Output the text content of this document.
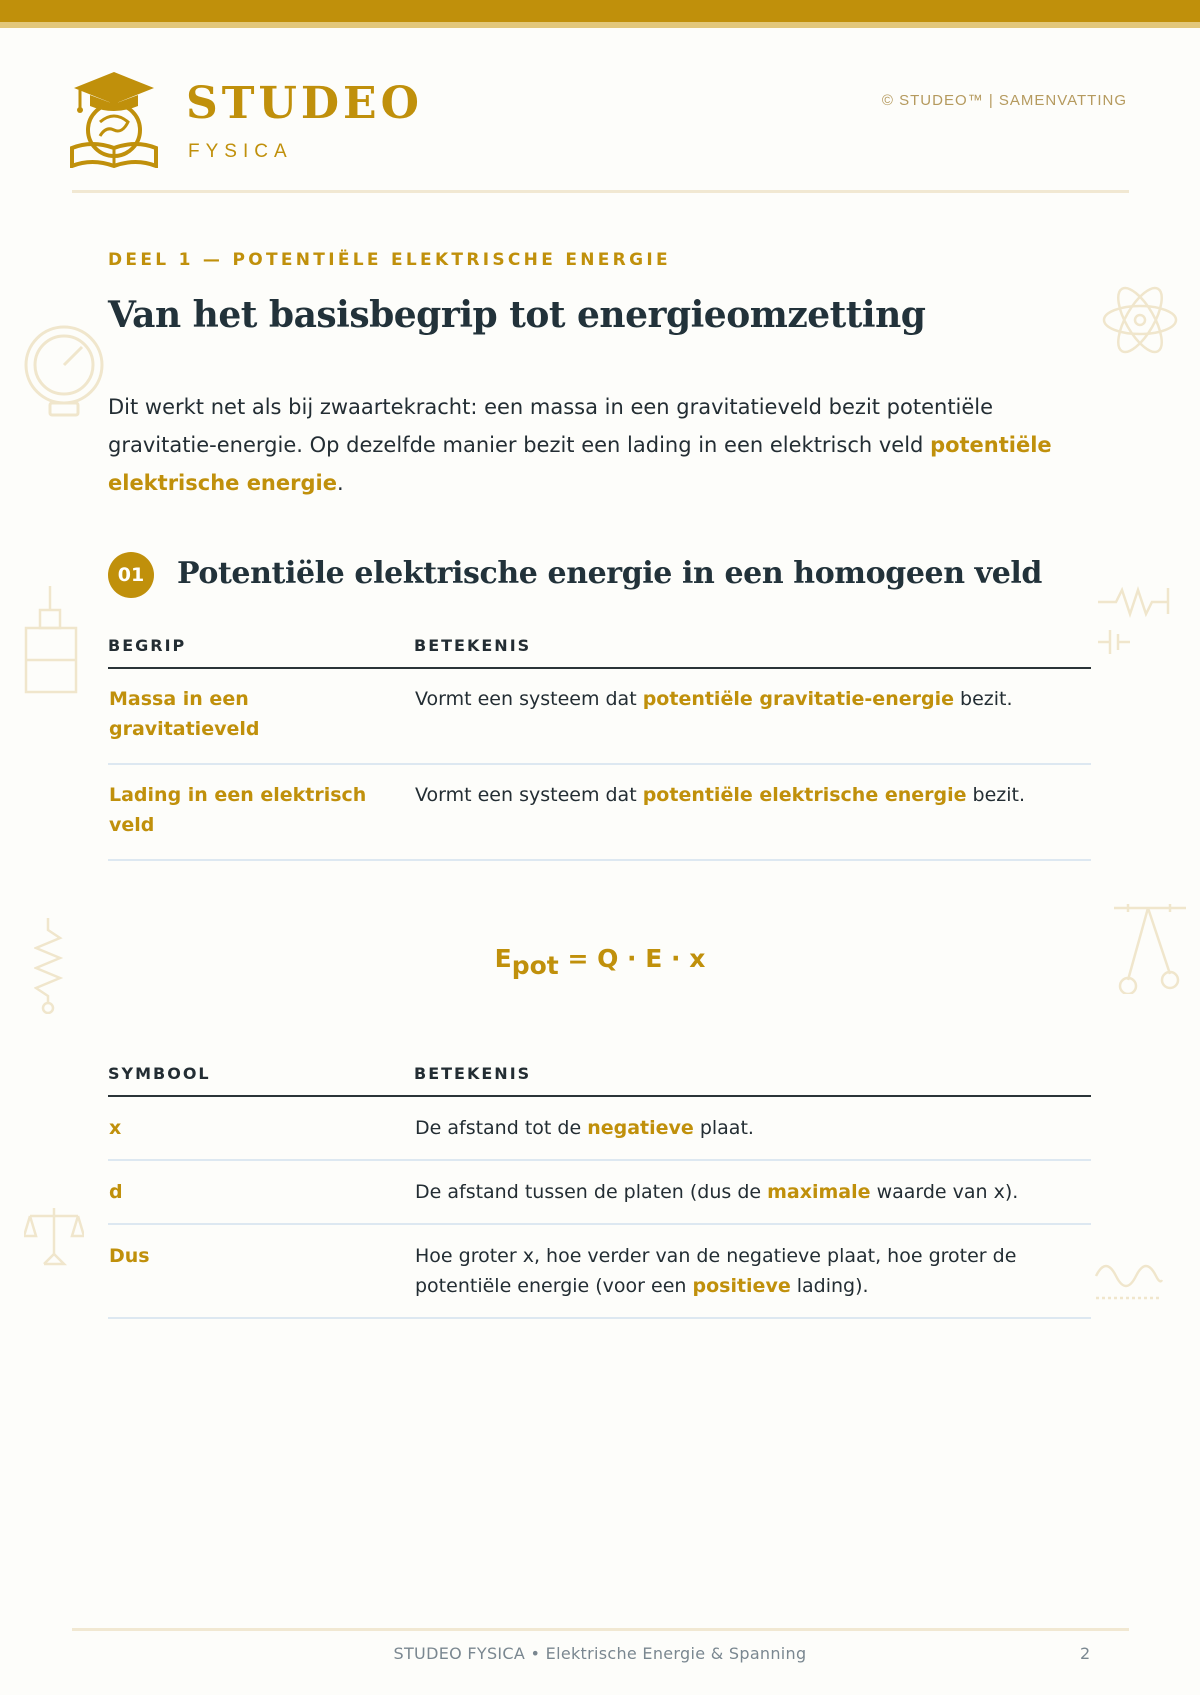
STUDEO
FYSICA
© STUDEO™ | SAMENVATTING
DEEL 1 — POTENTIËLE ELEKTRISCHE ENERGIE
Van het basisbegrip tot energieomzetting
Dit werkt net als bij zwaartekracht: een massa in een gravitatieveld bezit potentiële gravitatie-energie. Op dezelfde manier bezit een lading in een elektrisch veld potentiële elektrische energie.
01	Potentiële elektrische energie in een homogeen veld
BEGRIP	BETEKENIS
Massa in een gravitatieveld	Vormt een systeem dat potentiële gravitatie-energie bezit.
Lading in een elektrisch veld	Vormt een systeem dat potentiële elektrische energie bezit.
$E_{pot} = Q \cdot E \cdot x$
SYMBOOL	BETEKENIS
x	De afstand tot de negatieve plaat.
d	De afstand tussen de platen (dus de maximale waarde van x).
Dus	Hoe groter x, hoe verder van de negatieve plaat, hoe groter de potentiële energie (voor een positieve lading).
STUDEO FYSICA • Elektrische Energie & Spanning	2
